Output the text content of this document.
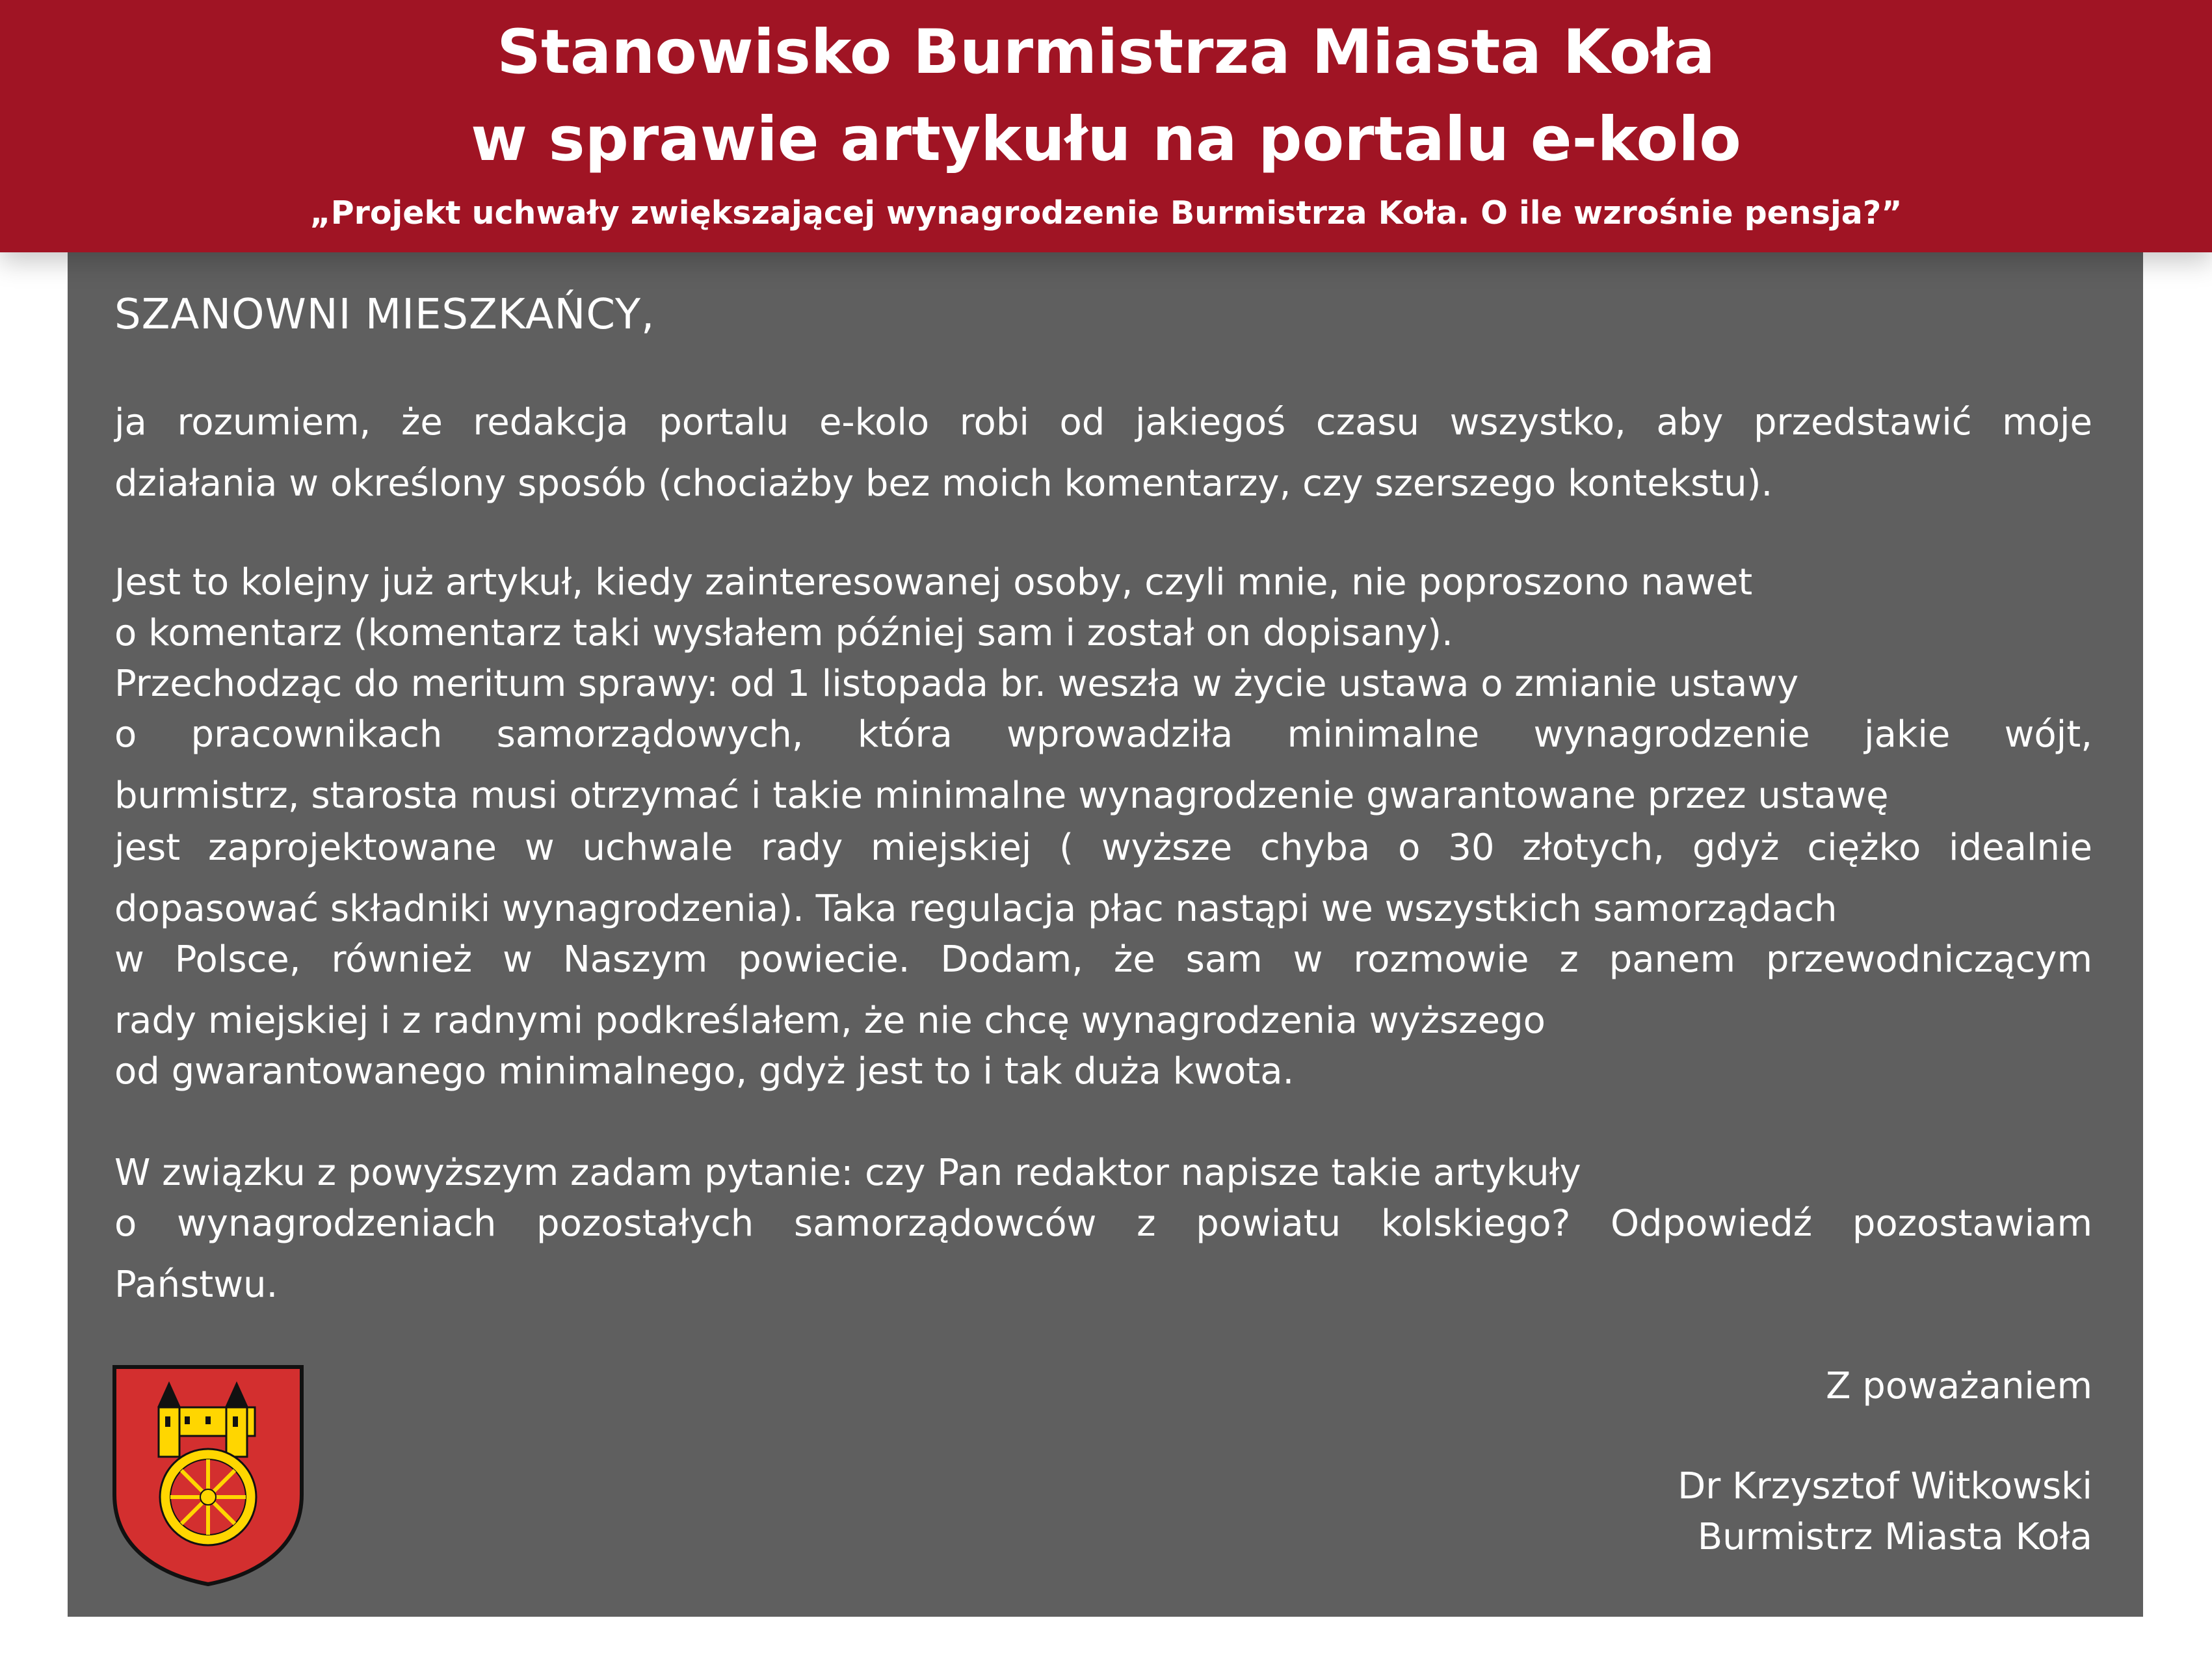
Stanowisko Burmistrza Miasta Koła
w sprawie artykułu na portalu e-kolo
„Projekt uchwały zwiększającej wynagrodzenie Burmistrza Koła. O ile wzrośnie pensja?”
SZANOWNI MIESZKAŃCY,
ja rozumiem, że redakcja portalu e-kolo robi od jakiegoś czasu wszystko, aby przedstawić moje
działania w określony sposób (chociażby bez moich komentarzy, czy szerszego kontekstu).
Jest to kolejny już artykuł, kiedy zainteresowanej osoby, czyli mnie, nie poproszono nawet
o komentarz (komentarz taki wysłałem później sam i został on dopisany).
Przechodząc do meritum sprawy: od 1 listopada br. weszła w życie ustawa o zmianie ustawy
o pracownikach samorządowych, która wprowadziła minimalne wynagrodzenie jakie wójt,
burmistrz, starosta musi otrzymać i takie minimalne wynagrodzenie gwarantowane przez ustawę
jest zaprojektowane w uchwale rady miejskiej ( wyższe chyba o 30 złotych, gdyż ciężko idealnie
dopasować składniki wynagrodzenia). Taka regulacja płac nastąpi we wszystkich samorządach
w Polsce, również w Naszym powiecie. Dodam, że sam w rozmowie z panem przewodniczącym
rady miejskiej i z radnymi podkreślałem, że nie chcę wynagrodzenia wyższego
od gwarantowanego minimalnego, gdyż jest to i tak duża kwota.
W związku z powyższym zadam pytanie: czy Pan redaktor napisze takie artykuły
o wynagrodzeniach pozostałych samorządowców z powiatu kolskiego? Odpowiedź pozostawiam
Państwu.
Z poważaniem
Dr Krzysztof Witkowski
Burmistrz Miasta Koła
